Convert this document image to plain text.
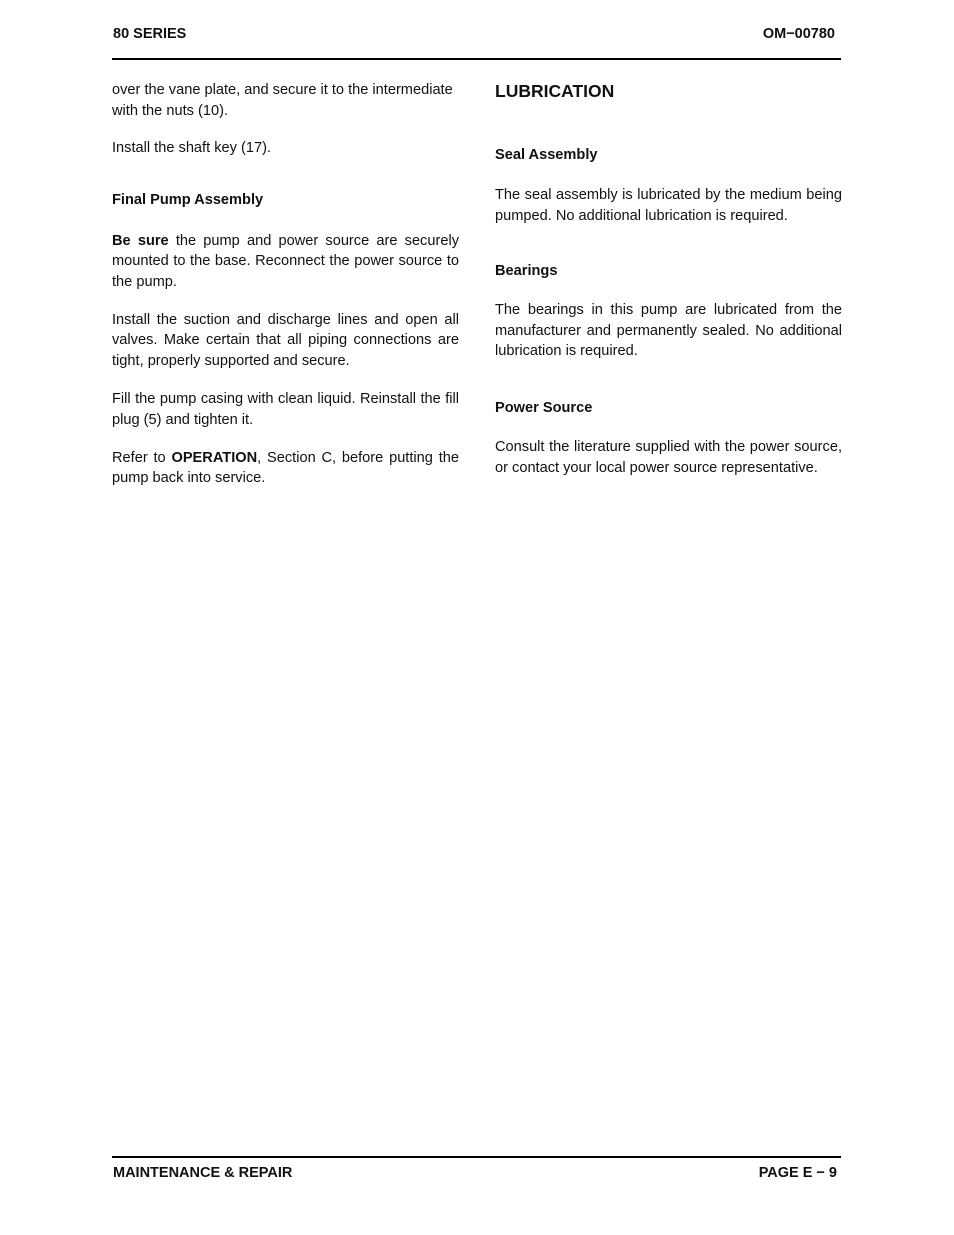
80 SERIES	OM−00780

over the vane plate, and secure it to the intermediate with the nuts (10).

Install the shaft key (17).

Final Pump Assembly

Be sure the pump and power source are securely mounted to the base. Reconnect the power source to the pump.

Install the suction and discharge lines and open all valves. Make certain that all piping connections are tight, properly supported and secure.

Fill the pump casing with clean liquid. Reinstall the fill plug (5) and tighten it.

Refer to OPERATION, Section C, before putting the pump back into service.

LUBRICATION
Seal Assembly

The seal assembly is lubricated by the medium being pumped. No additional lubrication is required.

Bearings

The bearings in this pump are lubricated from the manufacturer and permanently sealed. No additional lubrication is required.

Power Source

Consult the literature supplied with the power source, or contact your local power source representative.

MAINTENANCE & REPAIR	PAGE E − 9
